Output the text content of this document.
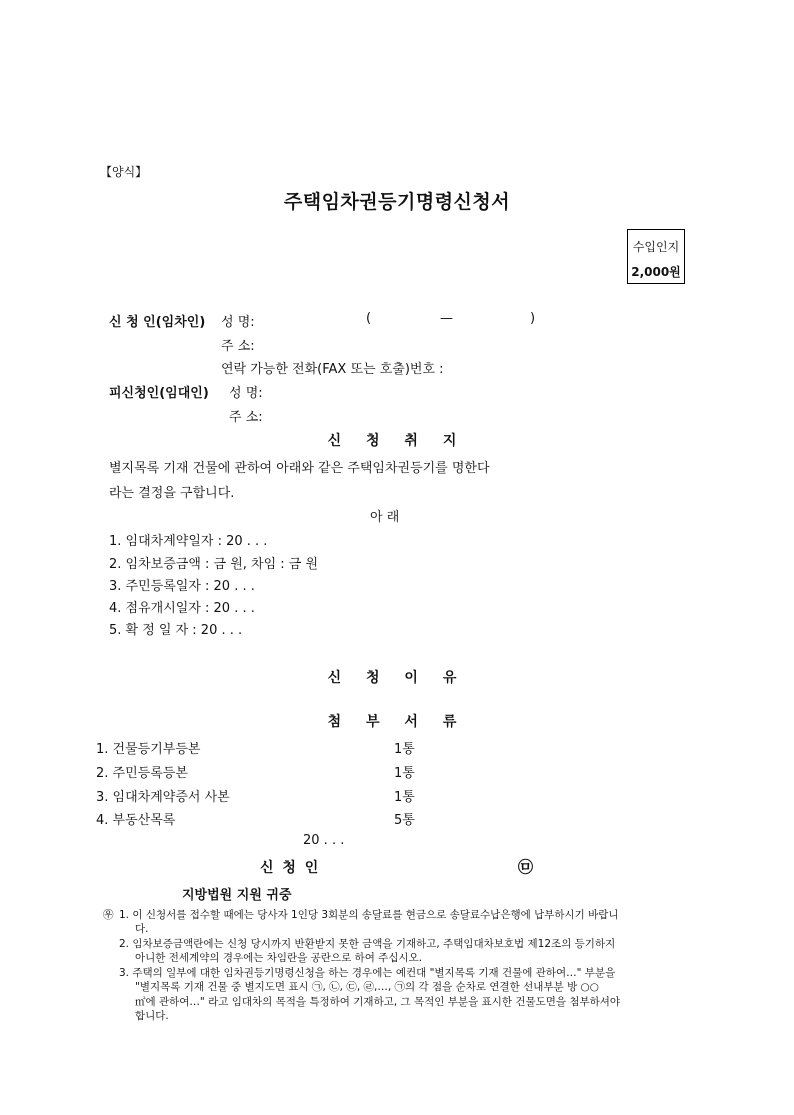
【양식】
주택임차권등기명령신청서
수입인지
2,000원
신 청 인(임차인) 성 명:	(	—	)
주 소:
연락 가능한 전화(FAX 또는 호출)번호 :
피신청인(임대인) 성 명:
주 소:
신 청 취 지
별지목록 기재 건물에 관하여 아래와 같은 주택임차권등기를 명한다
라는 결정을 구합니다.
아 래
1. 임대차계약일자 : 20 . . .
2. 임차보증금액 : 금 원, 차임 : 금 원
3. 주민등록일자 : 20 . . .
4. 점유개시일자 : 20 . . .
5. 확 정 일 자 : 20 . . .
신 청 이 유
첨 부 서 류
1. 건물등기부등본	1통
2. 주민등록등본	1통
3. 임대차계약증서 사본	1통
4. 부동산목록	5통
20 . . .
신 청 인	㉤
지방법원 지원 귀중
㉾ 1. 이 신청서를 접수할 때에는 당사자 1인당 3회분의 송달료를 현금으로 송달료수납은행에 납부하시기 바랍니
다.
2. 임차보증금액란에는 신청 당시까지 반환받지 못한 금액을 기재하고, 주택임대차보호법 제12조의 등기하지
아니한 전세계약의 경우에는 차임란을 공란으로 하여 주십시오.
3. 주택의 일부에 대한 임차권등기명령신청을 하는 경우에는 예컨대 "별지목록 기재 건물에 관하여…" 부분을
"별지목록 기재 건물 중 별지도면 표시 ㉠, ㉡, ㉢, ㉣,…, ㉠의 각 점을 순차로 연결한 선내부분 방 ○○
㎡에 관하여…" 라고 임대차의 목적을 특정하여 기재하고, 그 목적인 부분을 표시한 건물도면을 첨부하셔야
합니다.
